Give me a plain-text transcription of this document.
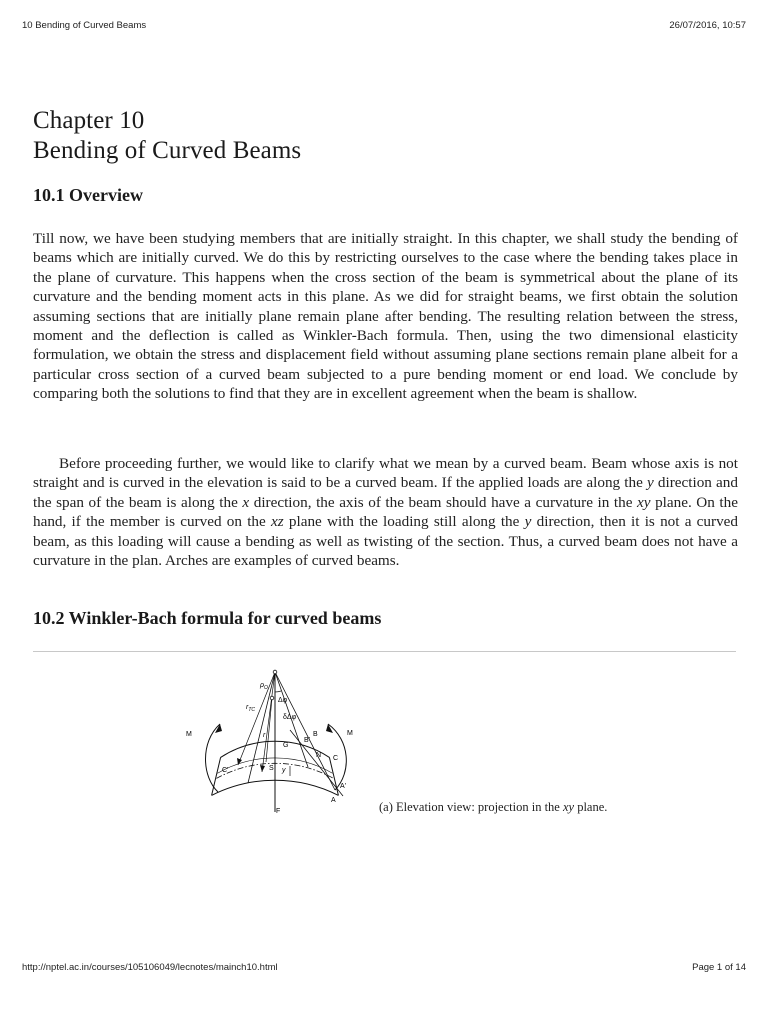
10 Bending of Curved Beams	26/07/2016, 10:57
Chapter 10
Bending of Curved Beams
10.1 Overview

Till now, we have been studying members that are initially straight. In this chapter, we shall study the bending of beams which are initially curved. We do this by restricting ourselves to the case where the bending takes place in the plane of curvature. This happens when the cross section of the beam is symmetrical about the plane of its curvature and the bending moment acts in this plane. As we did for straight beams, we first obtain the solution assuming sections that are initially plane remain plane after bending. The resulting relation between the stress, moment and the deflection is called as Winkler-Bach formula. Then, using the two dimensional elasticity formulation, we obtain the stress and displacement field without assuming plane sections remain plane albeit for a particular cross section of a curved beam subjected to a pure bending moment or end load. We conclude by comparing both the solutions to find that they are in excellent agreement when the beam is shallow.

Before proceeding further, we would like to clarify what we mean by a curved beam. Beam whose axis is not straight and is curved in the elevation is said to be a curved beam. If the applied loads are along the y direction and the span of the beam is along the x direction, the axis of the beam should have a curvature in the xy plane. On the hand, if the member is curved on the xz plane with the loading still along the y direction, then it is not a curved beam, as this loading will cause a bending as well as twisting of the section. Thus, a curved beam does not have a curvature in the plan. Arches are examples of curved beams.

10.2 Winkler-Bach formula for curved beams
$\rho_O$
$r_{TC}$
Δφ
δΔφ
M	M
r
G
B
B'
N
C'
C
S y
A
A'
F	(a) Elevation view: projection in the xy plane.
http://nptel.ac.in/courses/105106049/lecnotes/mainch10.html	Page 1 of 14
